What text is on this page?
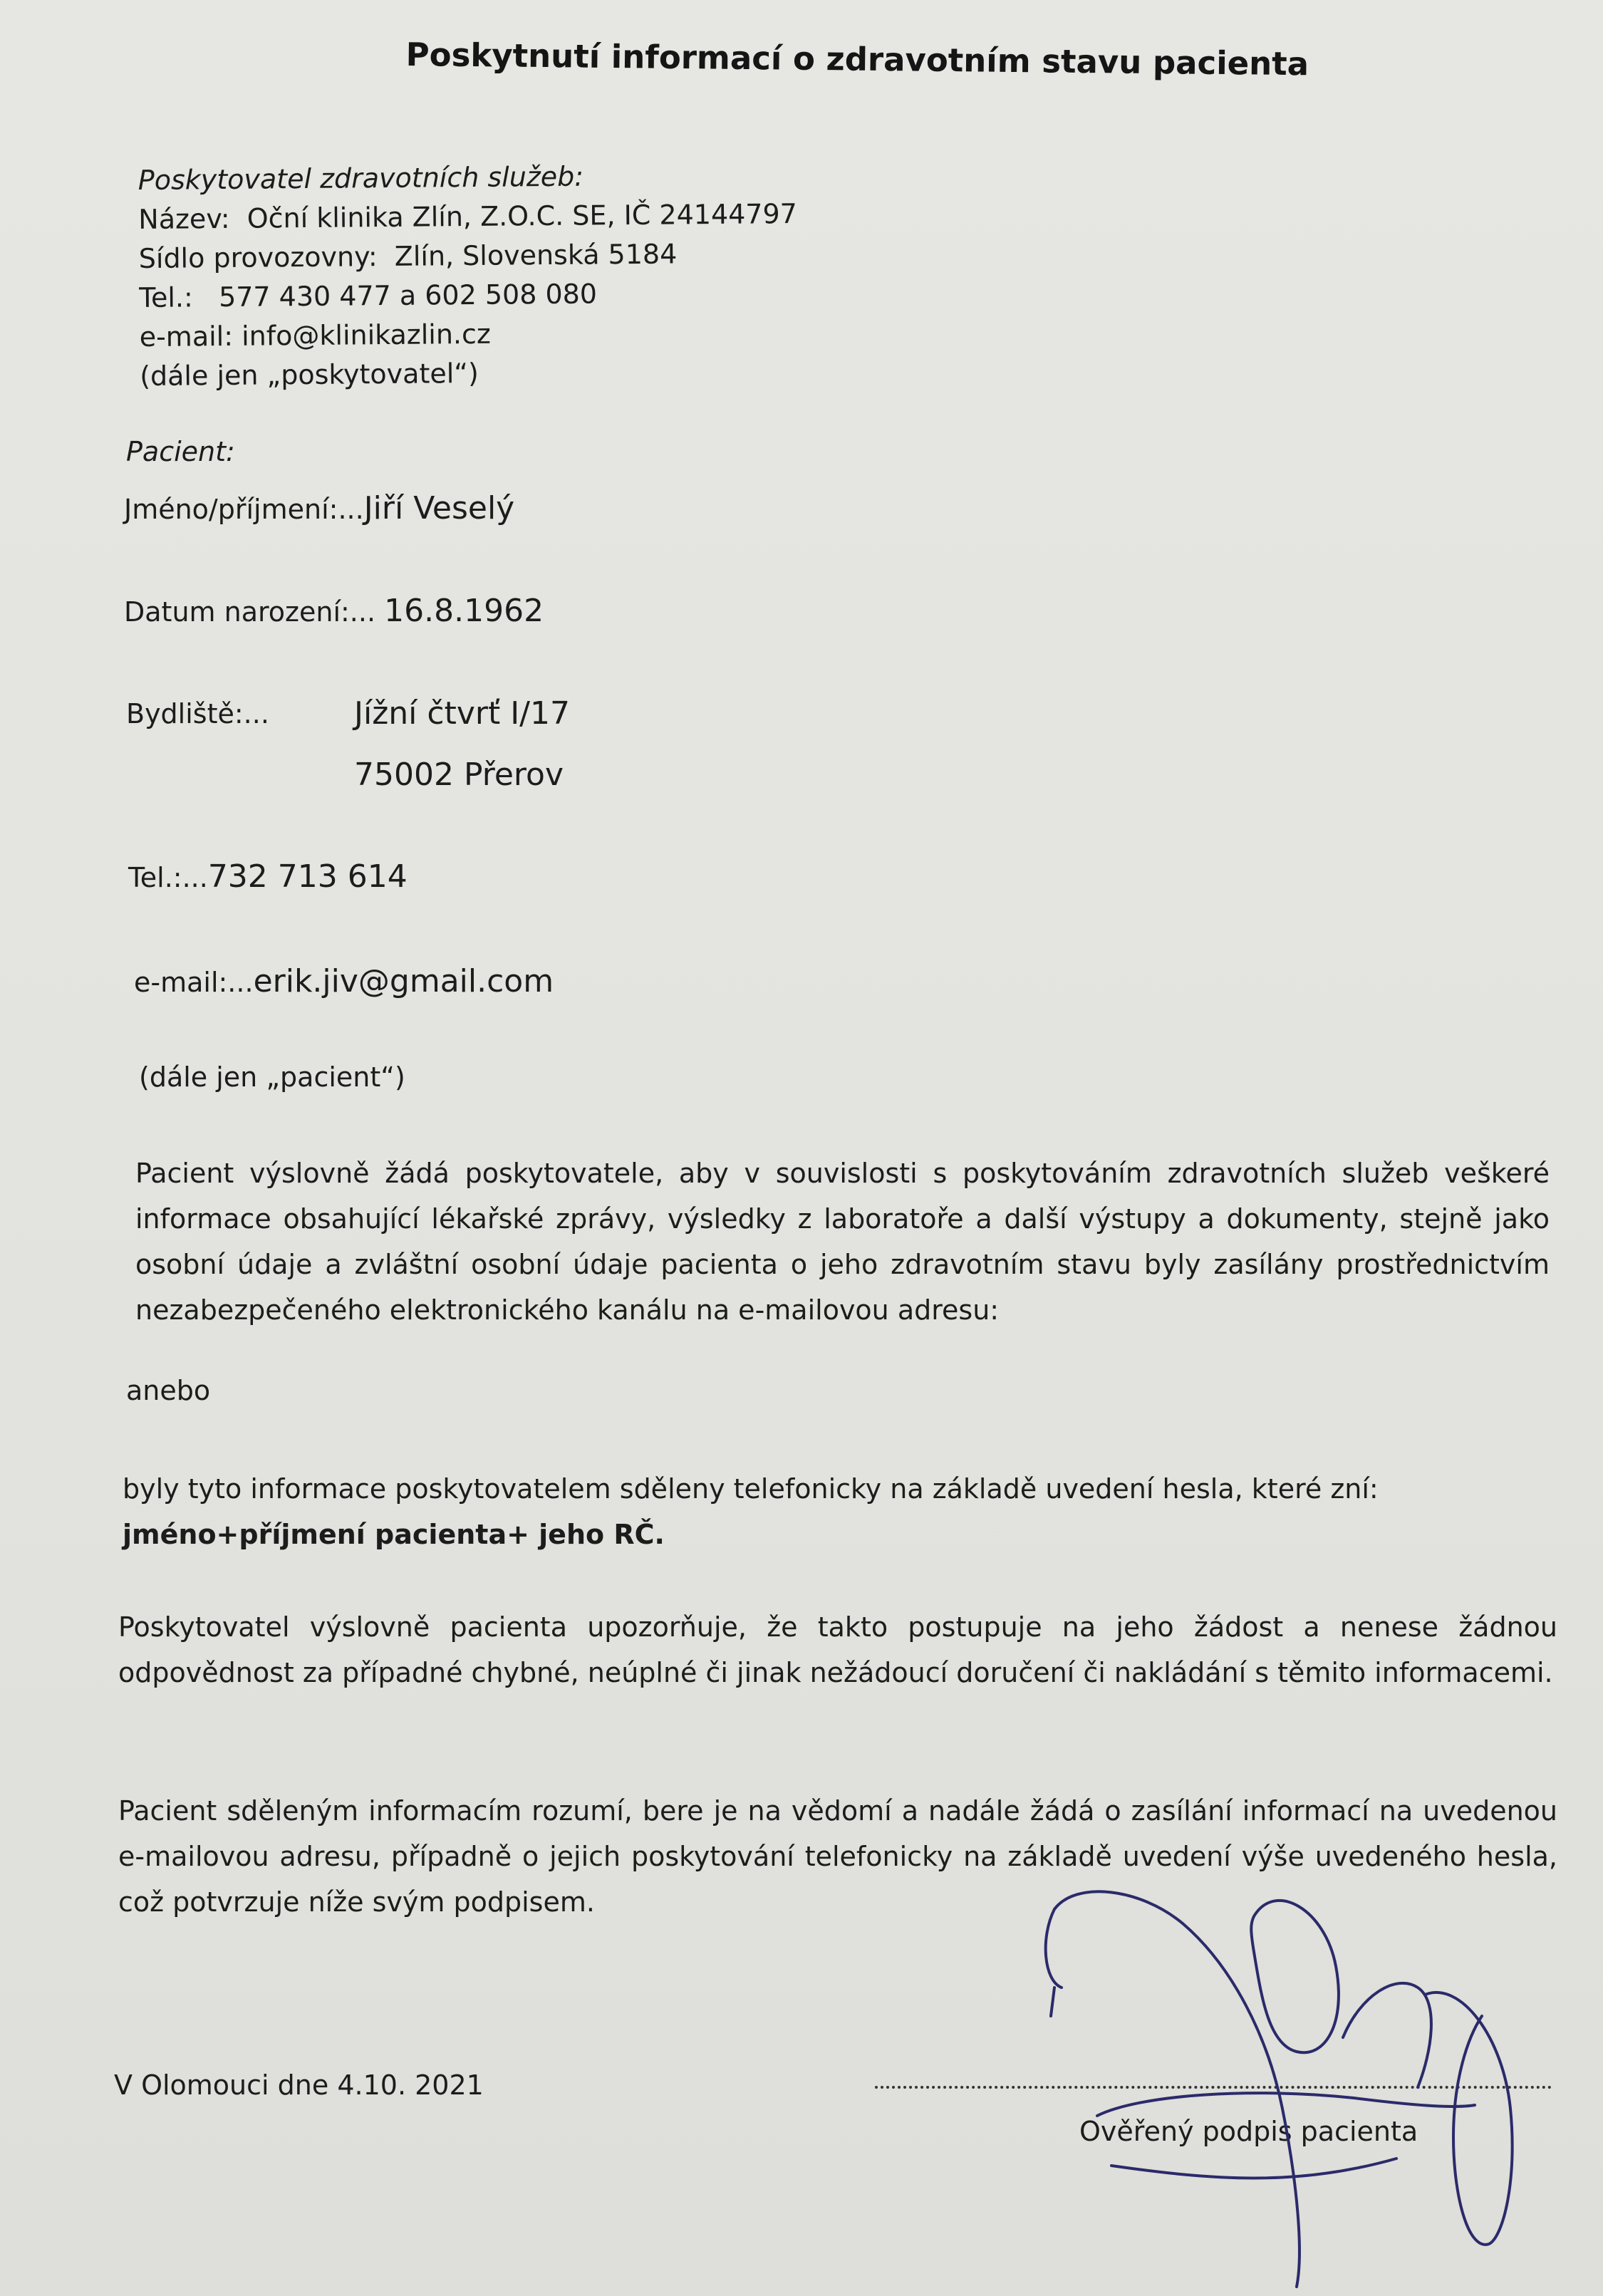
Poskytnutí informací o zdravotním stavu pacienta
Poskytovatel zdravotních služeb:
Název: Oční klinika Zlín, Z.O.C. SE, IČ 24144797
Sídlo provozovny: Zlín, Slovenská 5184
Tel.: 577 430 477 a 602 508 080
e-mail: info@klinikazlin.cz
(dále jen „poskytovatel“)
Pacient:
Jméno/příjmení:...Jiří Veselý
Datum narození:... 16.8.1962
Bydliště:...	Jížní čtvrť I/17
75002 Přerov
Tel.:...732 713 614
e-mail:...erik.jiv@gmail.com
(dále jen „pacient“)
Pacient výslovně žádá poskytovatele, aby v souvislosti s poskytováním zdravotních služeb veškeré informace obsahující lékařské zprávy, výsledky z laboratoře a další výstupy a dokumenty, stejně jako osobní údaje a zvláštní osobní údaje pacienta o jeho zdravotním stavu byly zasílány prostřednictvím nezabezpečeného elektronického kanálu na e-mailovou adresu:
anebo
byly tyto informace poskytovatelem sděleny telefonicky na základě uvedení hesla, které zní:
jméno+příjmení pacienta+ jeho RČ.
Poskytovatel výslovně pacienta upozorňuje, že takto postupuje na jeho žádost a nenese žádnou odpovědnost za případné chybné, neúplné či jinak nežádoucí doručení či nakládání s těmito informacemi.
Pacient sděleným informacím rozumí, bere je na vědomí a nadále žádá o zasílání informací na uvedenou e-mailovou adresu, případně o jejich poskytování telefonicky na základě uvedení výše uvedeného hesla, což potvrzuje níže svým podpisem.
V Olomouci dne 4.10. 2021
Ověřený podpis pacienta
